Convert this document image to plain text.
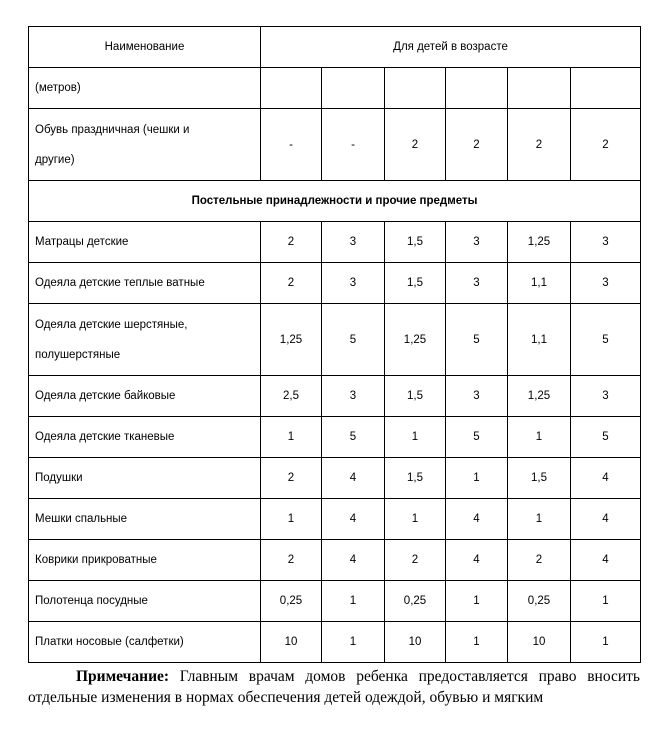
Наименование	Для детей в возрасте					
(метров)						

Обувь праздничная (чешки и
другие)	-	-	2	2	2	2
Постельные принадлежности и прочие предметы						
Матрацы детские	2	3	1,5	3	1,25	3
Одеяла детские теплые ватные	2	3	1,5	3	1,1	3

Одеяла детские шерстяные,
полушерстяные	1,25	5	1,25	5	1,1	5
Одеяла детские байковые	2,5	3	1,5	3	1,25	3
Одеяла детские тканевые	1	5	1	5	1	5
Подушки	2	4	1,5	1	1,5	4
Мешки спальные	1	4	1	4	1	4
Коврики прикроватные	2	4	2	4	2	4
Полотенца посудные	0,25	1	0,25	1	0,25	1
Платки носовые (салфетки)	10	1	10	1	10	1

Примечание: Главным врачам домов ребенка предоставляется право вносить отдельные изменения в нормах обеспечения детей одеждой, обувью и мягким
